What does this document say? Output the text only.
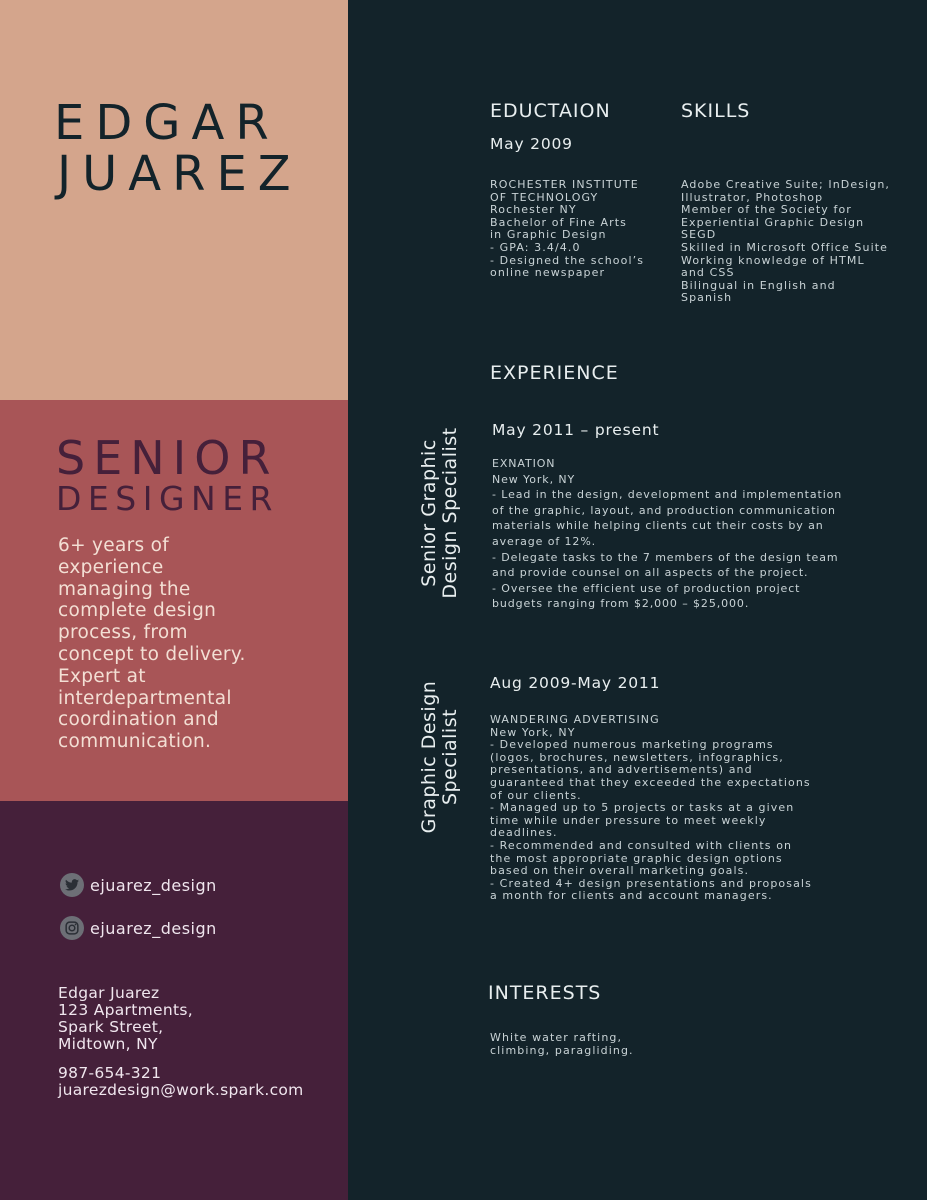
EDGAR
JUAREZ
SENIOR
DESIGNER
6+ years of
experience
managing the
complete design
process, from
concept to delivery.
Expert at
interdepartmental
coordination and
communication.
ejuarez_design
ejuarez_design
Edgar Juarez
123 Apartments,
Spark Street,
Midtown, NY
987-654-321
juarezdesign@work.spark.com
EDUCTAION
May 2009
ROCHESTER INSTITUTE
OF TECHNOLOGY
Rochester NY
Bachelor of Fine Arts
in Graphic Design
- GPA: 3.4/4.0
- Designed the school’s
online newspaper
SKILLS
Adobe Creative Suite; InDesign,
Illustrator, Photoshop
Member of the Society for
Experiential Graphic Design
SEGD
Skilled in Microsoft Office Suite
Working knowledge of HTML
and CSS
Bilingual in English and
Spanish
EXPERIENCE
Senior Graphic Design Specialist May 2011 – present
EXNATION
New York, NY
- Lead in the design, development and implementation
of the graphic, layout, and production communication
materials while helping clients cut their costs by an
average of 12%.
- Delegate tasks to the 7 members of the design team
and provide counsel on all aspects of the project.
- Oversee the efficient use of production project
budgets ranging from $2,000 – $25,000.
Graphic Design Specialist
Aug 2009-May 2011
WANDERING ADVERTISING
New York, NY
- Developed numerous marketing programs
(logos, brochures, newsletters, infographics,
presentations, and advertisements) and
guaranteed that they exceeded the expectations
of our clients.
- Managed up to 5 projects or tasks at a given
time while under pressure to meet weekly
deadlines.
- Recommended and consulted with clients on
the most appropriate graphic design options
based on their overall marketing goals.
- Created 4+ design presentations and proposals
a month for clients and account managers.
INTERESTS
White water rafting,
climbing, paragliding.
